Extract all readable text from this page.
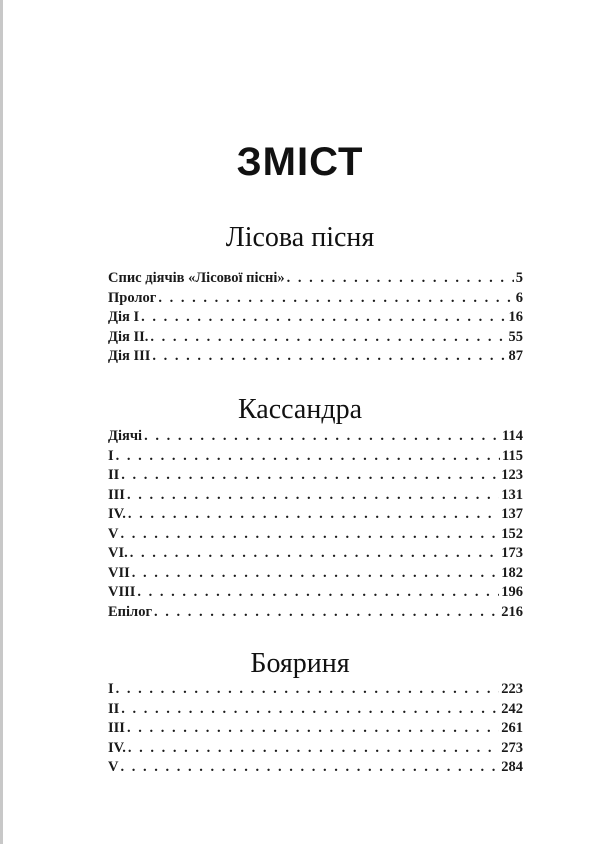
ЗМІСТ
Лісова пісня
Спис діячів «Лісової пісні» . . .	5
Пролог . . .	6
Дія I . . .	16
Дія II. . . .	55
Дія III . . .	87
Кассандра
Діячі . . .	114
I . . .	115
II . . .	123
III . . .	131
IV. . . .	137
V . . .	152
VI. . . .	173
VII . . .	182
VIII . . .	196
Епілог . . .	216
Бояриня
I . . .	223
II . . .	242
III . . .	261
IV. . . .	273
V . . .	284
